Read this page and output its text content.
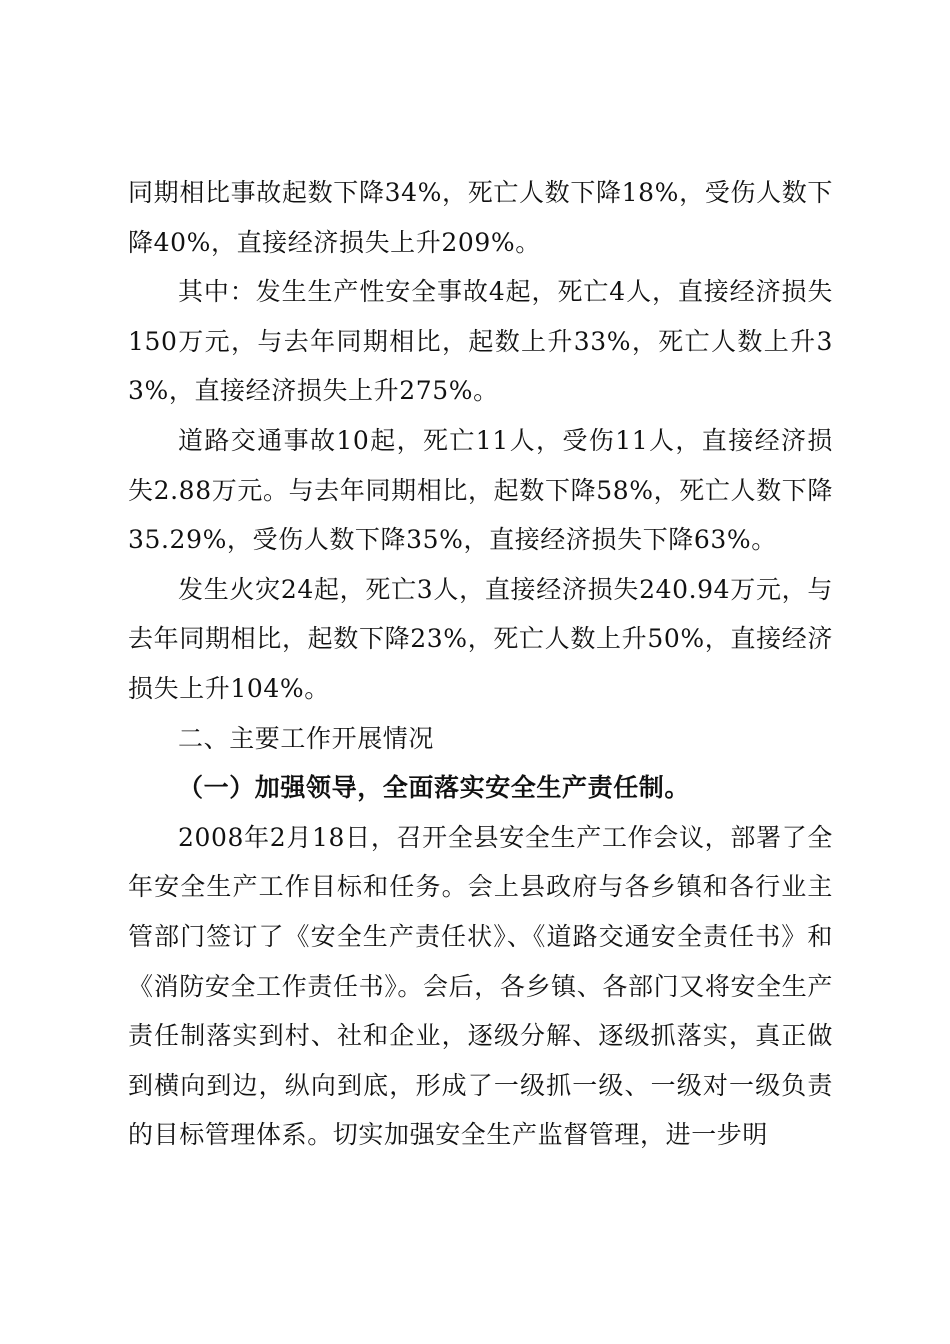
同期相比事故起数下降34%，死亡人数下降18%，受伤人数下降40%，直接经济损失上升209%。

其中：发生生产性安全事故4起，死亡4人，直接经济损失150万元，与去年同期相比，起数上升33%，死亡人数上升33%，直接经济损失上升275%。

道路交通事故10起，死亡11人，受伤11人，直接经济损失2.88万元。与去年同期相比，起数下降58%，死亡人数下降35.29%，受伤人数下降35%，直接经济损失下降63%。

发生火灾24起，死亡3人，直接经济损失240.94万元，与去年同期相比，起数下降23%，死亡人数上升50%，直接经济损失上升104%。

二、主要工作开展情况

（一）加强领导，全面落实安全生产责任制。

2008年2月18日，召开全县安全生产工作会议，部署了全年安全生产工作目标和任务。会上县政府与各乡镇和各行业主管部门签订了《安全生产责任状》、《道路交通安全责任书》和《消防安全工作责任书》。会后，各乡镇、各部门又将安全生产责任制落实到村、社和企业，逐级分解、逐级抓落实，真正做到横向到边，纵向到底，形成了一级抓一级、一级对一级负责的目标管理体系。切实加强安全生产监督管理，进一步明
